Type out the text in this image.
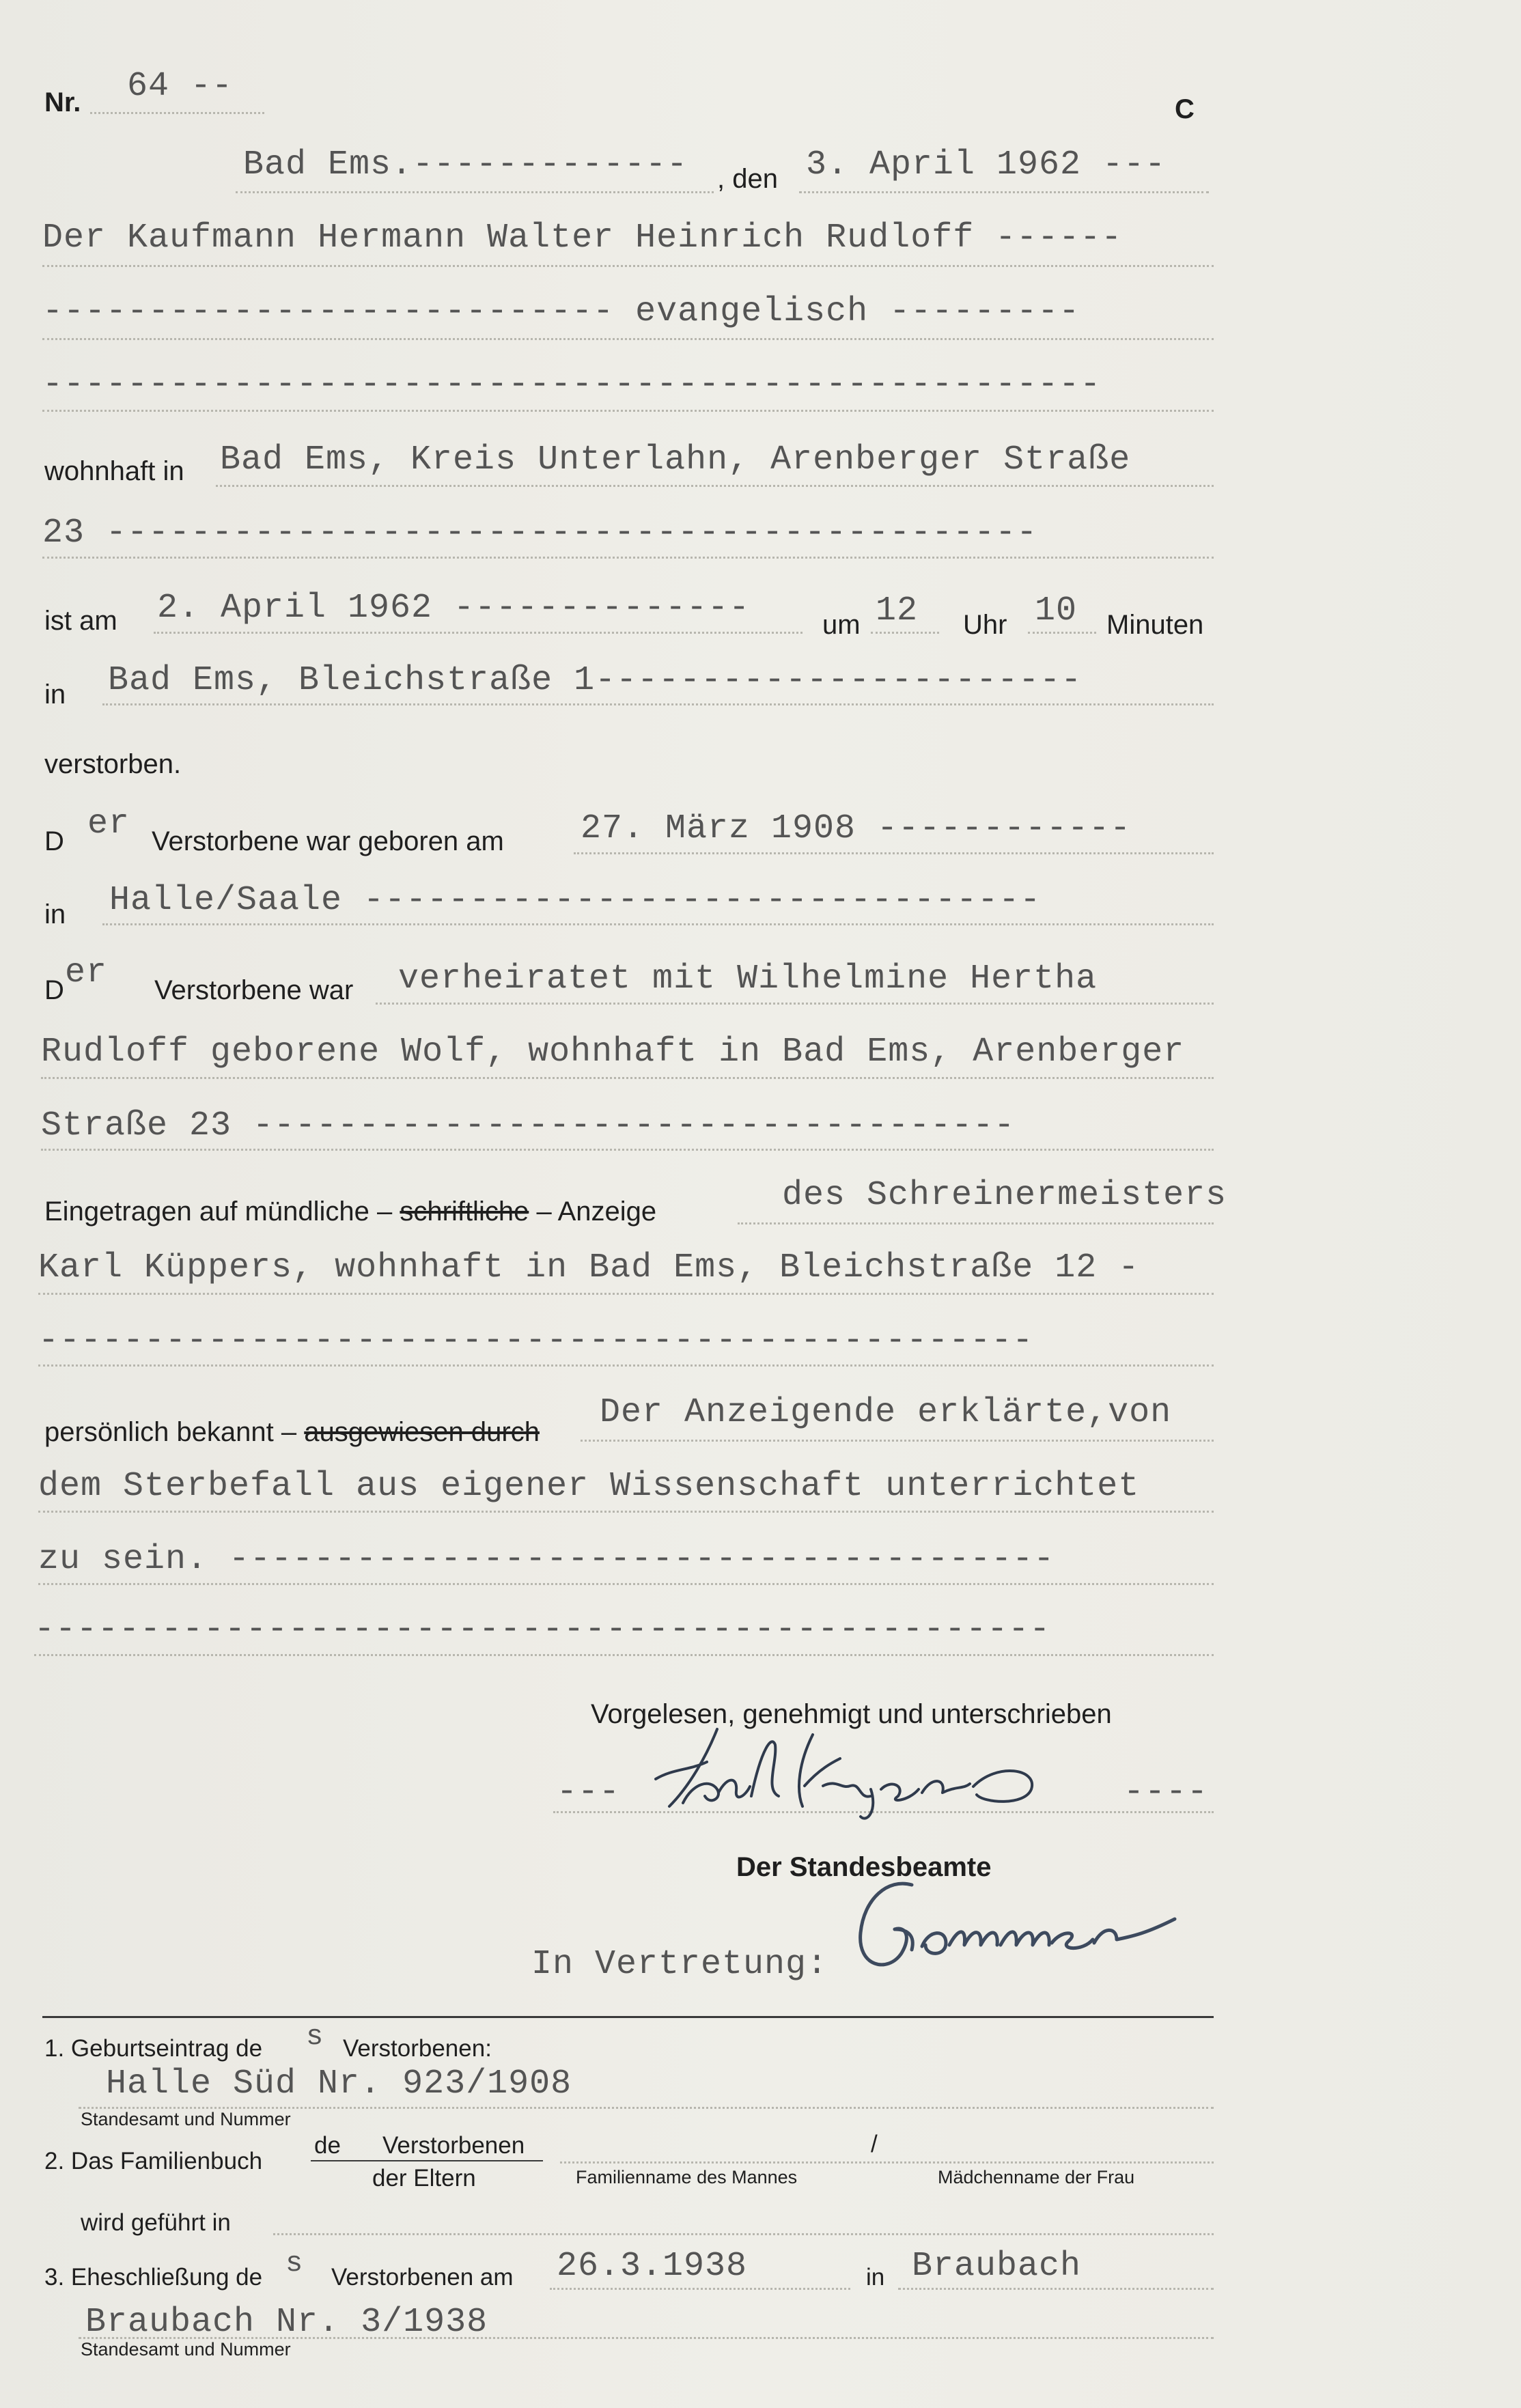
Nr. 64 --
C
Bad Ems.------------- , den 3. April 1962 ---
Der Kaufmann Hermann Walter Heinrich Rudloff ------
--------------------------- evangelisch ---------
--------------------------------------------------
wohnhaft in Bad Ems, Kreis Unterlahn, Arenberger Straße
23 --------------------------------------------
ist am 2. April 1962 --------------	um 12 Uhr 10 Minuten
in Bad Ems, Bleichstraße 1-----------------------
verstorben.
D er Verstorbene war geboren am 27. März 1908 ------------
in Halle/Saale --------------------------------
D er Verstorbene war verheiratet mit Wilhelmine Hertha
Rudloff geborene Wolf, wohnhaft in Bad Ems, Arenberger
Straße 23 ------------------------------------
Eingetragen auf mündliche – schriftliche – Anzeige	des Schreinermeisters
Karl Küppers, wohnhaft in Bad Ems, Bleichstraße 12 -
-----------------------------------------------
persönlich bekannt – ausgewiesen durch Der Anzeigende erklärte,von
dem Sterbefall aus eigener Wissenschaft unterrichtet
zu sein. ---------------------------------------
------------------------------------------------
Vorgelesen, genehmigt und unterschrieben
---	----
Der Standesbeamte
In Vertretung:
1. Geburtseintrag de s Verstorbenen:
Halle Süd Nr. 923/1908
Standesamt und Nummer
2. Das Familienbuch
de Verstorbenen
der Eltern
/
Familienname des Mannes	Mädchenname der Frau
wird geführt in
3. Eheschließung de s Verstorbenen am 26.3.1938	in Braubach
Braubach Nr. 3/1938
Standesamt und Nummer
